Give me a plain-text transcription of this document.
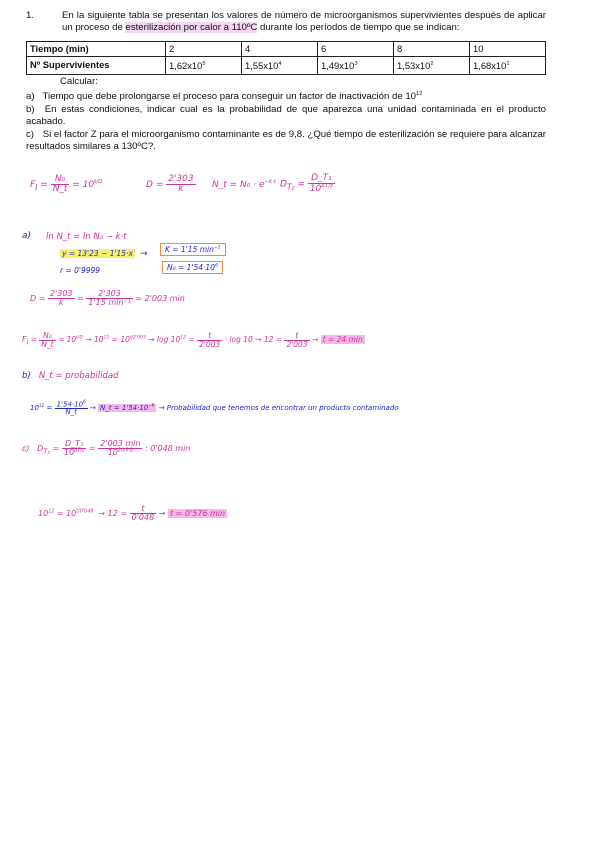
1.	En la siguiente tabla se presentan los valores de número de microorganismos supervivientes después de aplicar un proceso de esterilización por calor a 110ºC durante los períodos de tiempo que se indican:
Tiempo (min)	2	4	6	8	10
Nº Supervivientes	$1,62x10^5$	$1,55x10^4$	$1,49x10^3$	$1,53x10^2$	$1,68x10^1$
Calcular:
a) Tiempo que debe prolongarse el proceso para conseguir un factor de inactivación de $10^{12}$
b) En estas condiciones, indicar cual es la probabilidad de que aparezca una unidad contaminada en el producto acabado.
c) Si el factor Z para el microorganismo contaminante es de 9,8. ¿Qué tiempo de esterilización se requiere para alcanzar resultados similares a 130ºC?.
$F_I = \frac{\text{N₀}}{N\_t} = 10^{t/D}$	$D = \frac{2'303}{k}$ N_t = $N_0 \cdot e^{-k\cdot t}$ $D_{T_2} = \frac{\text{D\_T₁}}{10^{\Delta T/z}}$
a) ln N_t = ln N₀ − k·t
y = 13'23 − 1'15·x →	K = 1'15 $\min^{-1}$
r = 0'9999	$N_0 = 1'54\cdot 10^6$
$D = \frac{2'303}{k} = \frac{2'303}{\text{1'15 min⁻¹}} = 2'003$ min
$F_I = \frac{\text{N₀}}{N\_t} = 10^{t/D} \to 10^{12} = 10^{t/2'003} \to \log 10^{12} = \frac{t}{2'003} \cdot \log 10 \to 12 = \frac{t}{2'003} \to t = 24$ min
b) N_t = probabilidad
$10^{12} = \frac{1'54\cdot 10^6}{N\_t}$ → N_t = $1'54\cdot 10^{-6}$ → Probabilidad que tenemos de encontrar un producto contaminado
c) $D_{T_2} = \frac{\text{D\_T₁}}{10^{\Delta T/z}} = \frac{2'003 \min}{10^{20/9'8}}$ : 0'048 min
$10^{12} = 10^{t/0'048} \to 12 = \frac{t}{0'048} \to t = 0'576$ min
